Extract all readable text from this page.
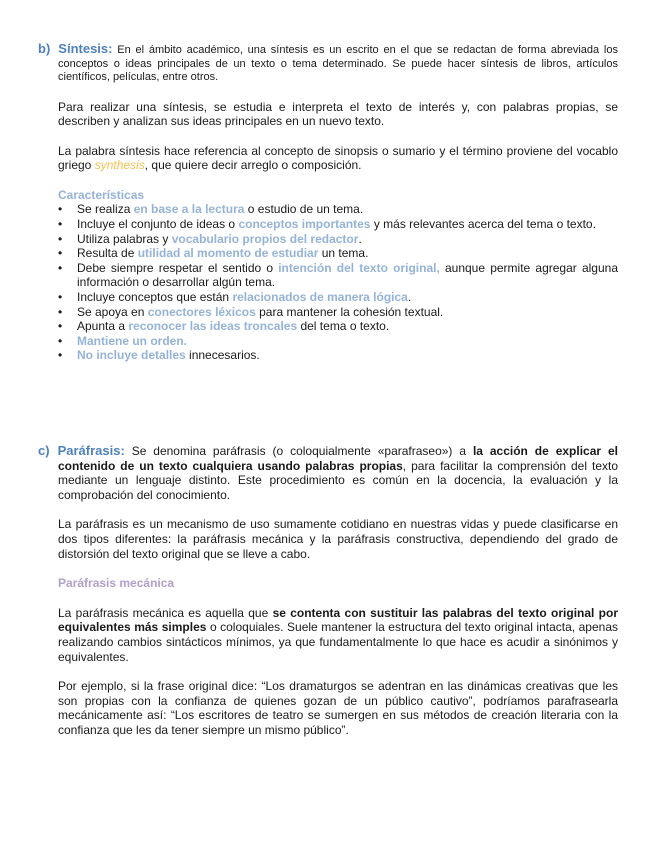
b) Síntesis: En el ámbito académico, una síntesis es un escrito en el que se redactan de forma abreviada los conceptos o ideas principales de un texto o tema determinado. Se puede hacer síntesis de libros, artículos científicos, películas, entre otros.

Para realizar una síntesis, se estudia e interpreta el texto de interés y, con palabras propias, se describen y analizan sus ideas principales en un nuevo texto.

La palabra síntesis hace referencia al concepto de sinopsis o sumario y el término proviene del vocablo griego synthesis, que quiere decir arreglo o composición.

Características

• Se realiza en base a la lectura o estudio de un tema.
• Incluye el conjunto de ideas o conceptos importantes y más relevantes acerca del tema o texto.
• Utiliza palabras y vocabulario propios del redactor.
• Resulta de utilidad al momento de estudiar un tema.
• Debe siempre respetar el sentido o intención del texto original, aunque permite agregar alguna información o desarrollar algún tema.
• Incluye conceptos que están relacionados de manera lógica.
• Se apoya en conectores léxicos para mantener la cohesión textual.
• Apunta a reconocer las ideas troncales del tema o texto.
• Mantiene un orden.
• No incluye detalles innecesarios.

c) Paráfrasis: Se denomina paráfrasis (o coloquialmente «parafraseo») a la acción de explicar el contenido de un texto cualquiera usando palabras propias, para facilitar la comprensión del texto mediante un lenguaje distinto. Este procedimiento es común en la docencia, la evaluación y la comprobación del conocimiento.

La paráfrasis es un mecanismo de uso sumamente cotidiano en nuestras vidas y puede clasificarse en dos tipos diferentes: la paráfrasis mecánica y la paráfrasis constructiva, dependiendo del grado de distorsión del texto original que se lleve a cabo.

Paráfrasis mecánica

La paráfrasis mecánica es aquella que se contenta con sustituir las palabras del texto original por equivalentes más simples o coloquiales. Suele mantener la estructura del texto original intacta, apenas realizando cambios sintácticos mínimos, ya que fundamentalmente lo que hace es acudir a sinónimos y equivalentes.

Por ejemplo, si la frase original dice: “Los dramaturgos se adentran en las dinámicas creativas que les son propias con la confianza de quienes gozan de un público cautivo”, podríamos parafrasearla mecánicamente así: “Los escritores de teatro se sumergen en sus métodos de creación literaria con la confianza que les da tener siempre un mismo público”.
